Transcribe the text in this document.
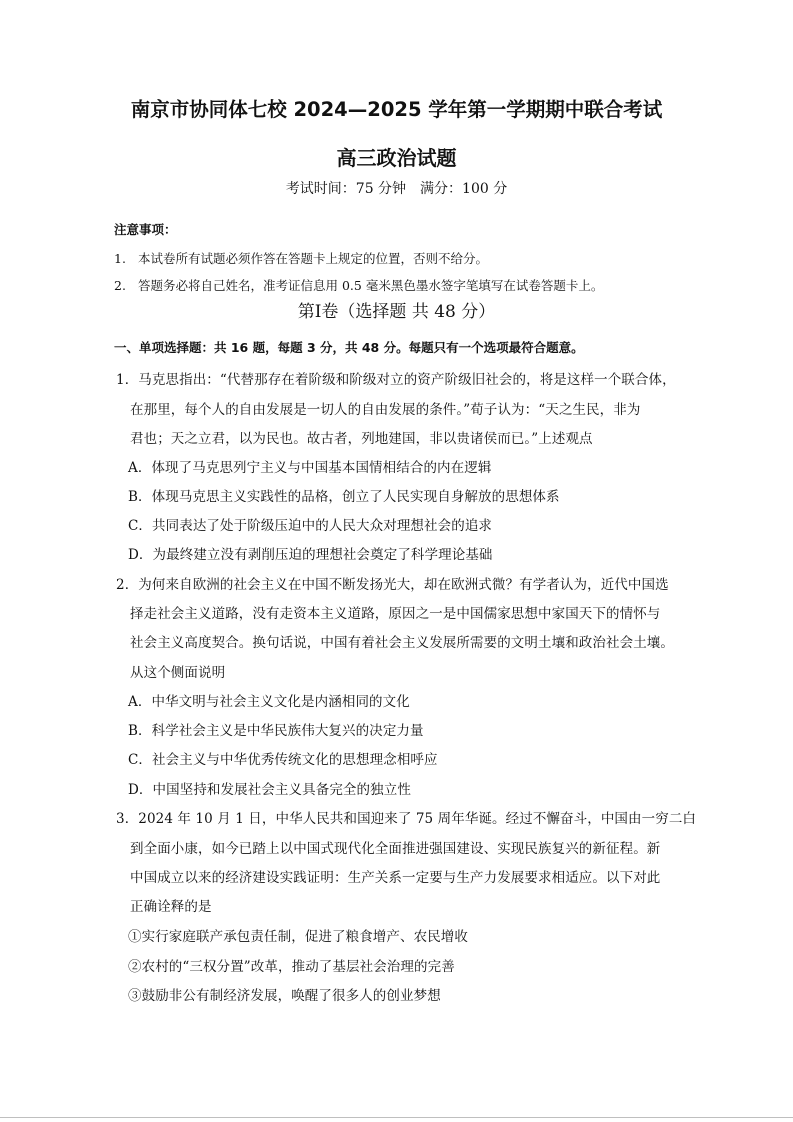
南京市协同体七校 2024—2025 学年第一学期期中联合考试
高三政治试题
考试时间：75 分钟　满分：100 分
注意事项：
1. 本试卷所有试题必须作答在答题卡上规定的位置，否则不给分。
2. 答题务必将自己姓名，准考证信息用 0.5 毫米黑色墨水签字笔填写在试卷答题卡上。
第Ⅰ卷（选择题 共 48 分）
一、单项选择题：共 16 题，每题 3 分，共 48 分。每题只有一个选项最符合题意。
1．马克思指出：“代替那存在着阶级和阶级对立的资产阶级旧社会的，将是这样一个联合体，
在那里，每个人的自由发展是一切人的自由发展的条件。”荀子认为：“天之生民，非为
君也；天之立君，以为民也。故古者，列地建国，非以贵诸侯而已。”上述观点
A．体现了马克思列宁主义与中国基本国情相结合的内在逻辑
B．体现马克思主义实践性的品格，创立了人民实现自身解放的思想体系
C．共同表达了处于阶级压迫中的人民大众对理想社会的追求
D．为最终建立没有剥削压迫的理想社会奠定了科学理论基础
2．为何来自欧洲的社会主义在中国不断发扬光大，却在欧洲式微？有学者认为，近代中国选
择走社会主义道路，没有走资本主义道路，原因之一是中国儒家思想中家国天下的情怀与
社会主义高度契合。换句话说，中国有着社会主义发展所需要的文明土壤和政治社会土壤。
从这个侧面说明
A．中华文明与社会主义文化是内涵相同的文化
B．科学社会主义是中华民族伟大复兴的决定力量
C．社会主义与中华优秀传统文化的思想理念相呼应
D．中国坚持和发展社会主义具备完全的独立性
3．2024 年 10 月 1 日，中华人民共和国迎来了 75 周年华诞。经过不懈奋斗，中国由一穷二白
到全面小康，如今已踏上以中国式现代化全面推进强国建设、实现民族复兴的新征程。新
中国成立以来的经济建设实践证明：生产关系一定要与生产力发展要求相适应。以下对此
正确诠释的是
①实行家庭联产承包责任制，促进了粮食增产、农民增收
②农村的“三权分置”改革，推动了基层社会治理的完善
③鼓励非公有制经济发展，唤醒了很多人的创业梦想
